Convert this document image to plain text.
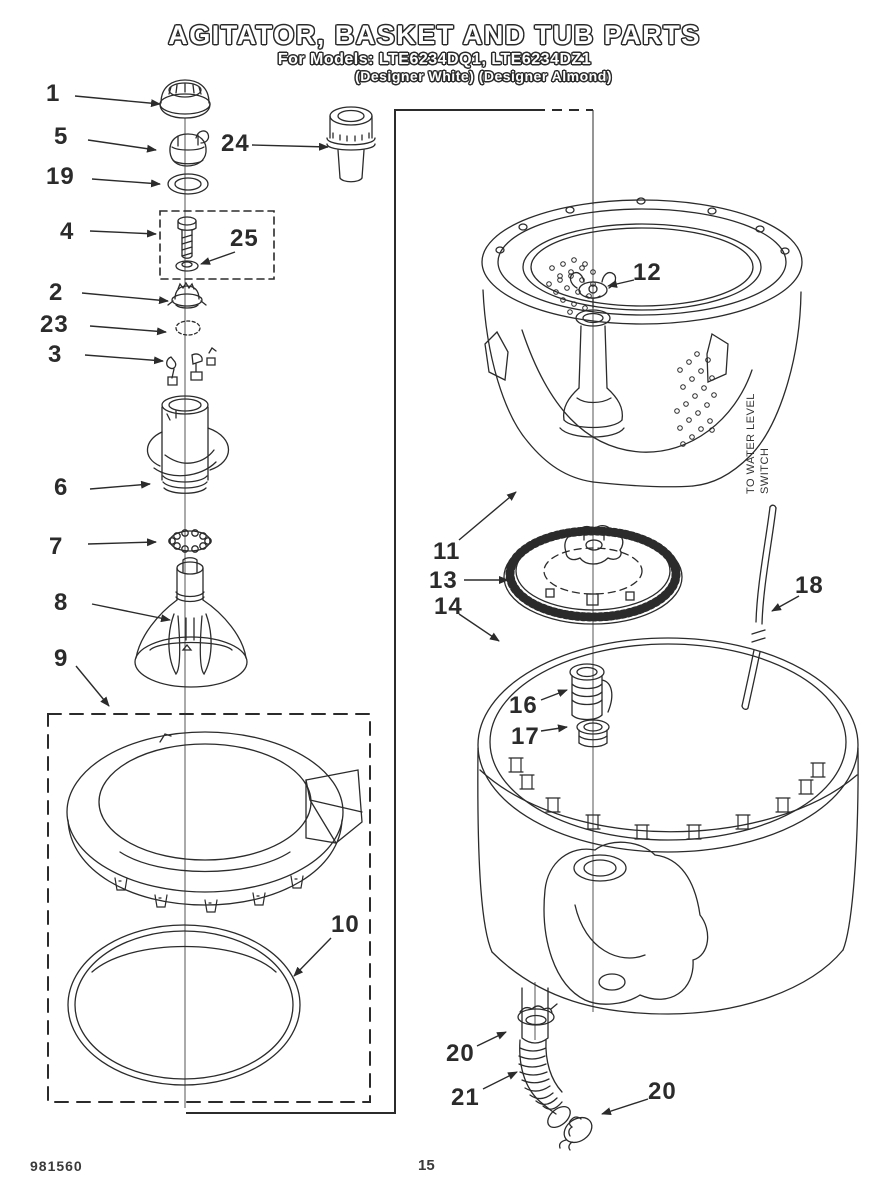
AGITATOR, BASKET AND TUB PARTS
For Models: LTE6234DQ1, LTE6234DZ1
(Designer White) (Designer Almond)
1
5
19
4	25
2
23
3
6
7
8
9
10
24
11
12
13
14
16
17
18
20
21	20
TO WATER LEVEL SWITCH
981560	15
